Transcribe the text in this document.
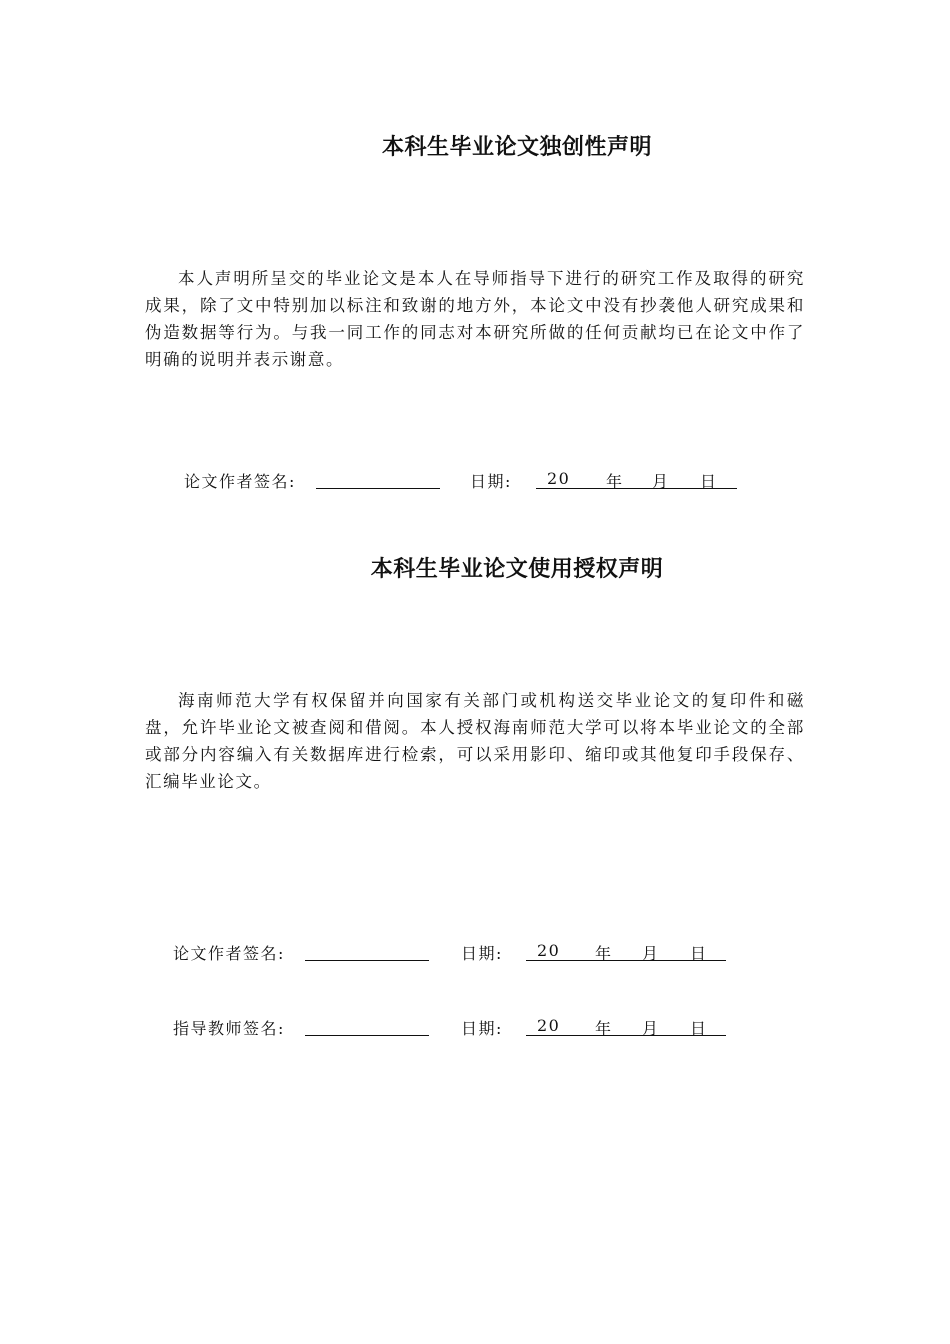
本科生毕业论文独创性声明

本人声明所呈交的毕业论文是本人在导师指导下进行的研究工作及取得的研究成果，除了文中特别加以标注和致谢的地方外，本论文中没有抄袭他人研究成果和伪造数据等行为。与我一同工作的同志对本研究所做的任何贡献均已在论文中作了明确的说明并表示谢意。

论文作者签名:	日期: 20 年 月 日
本科生毕业论文使用授权声明

海南师范大学有权保留并向国家有关部门或机构送交毕业论文的复印件和磁盘，允许毕业论文被查阅和借阅。本人授权海南师范大学可以将本毕业论文的全部或部分内容编入有关数据库进行检索，可以采用影印、缩印或其他复印手段保存、汇编毕业论文。

论文作者签名:	日期: 20 年 月 日
指导教师签名:	日期: 20 年 月 日
